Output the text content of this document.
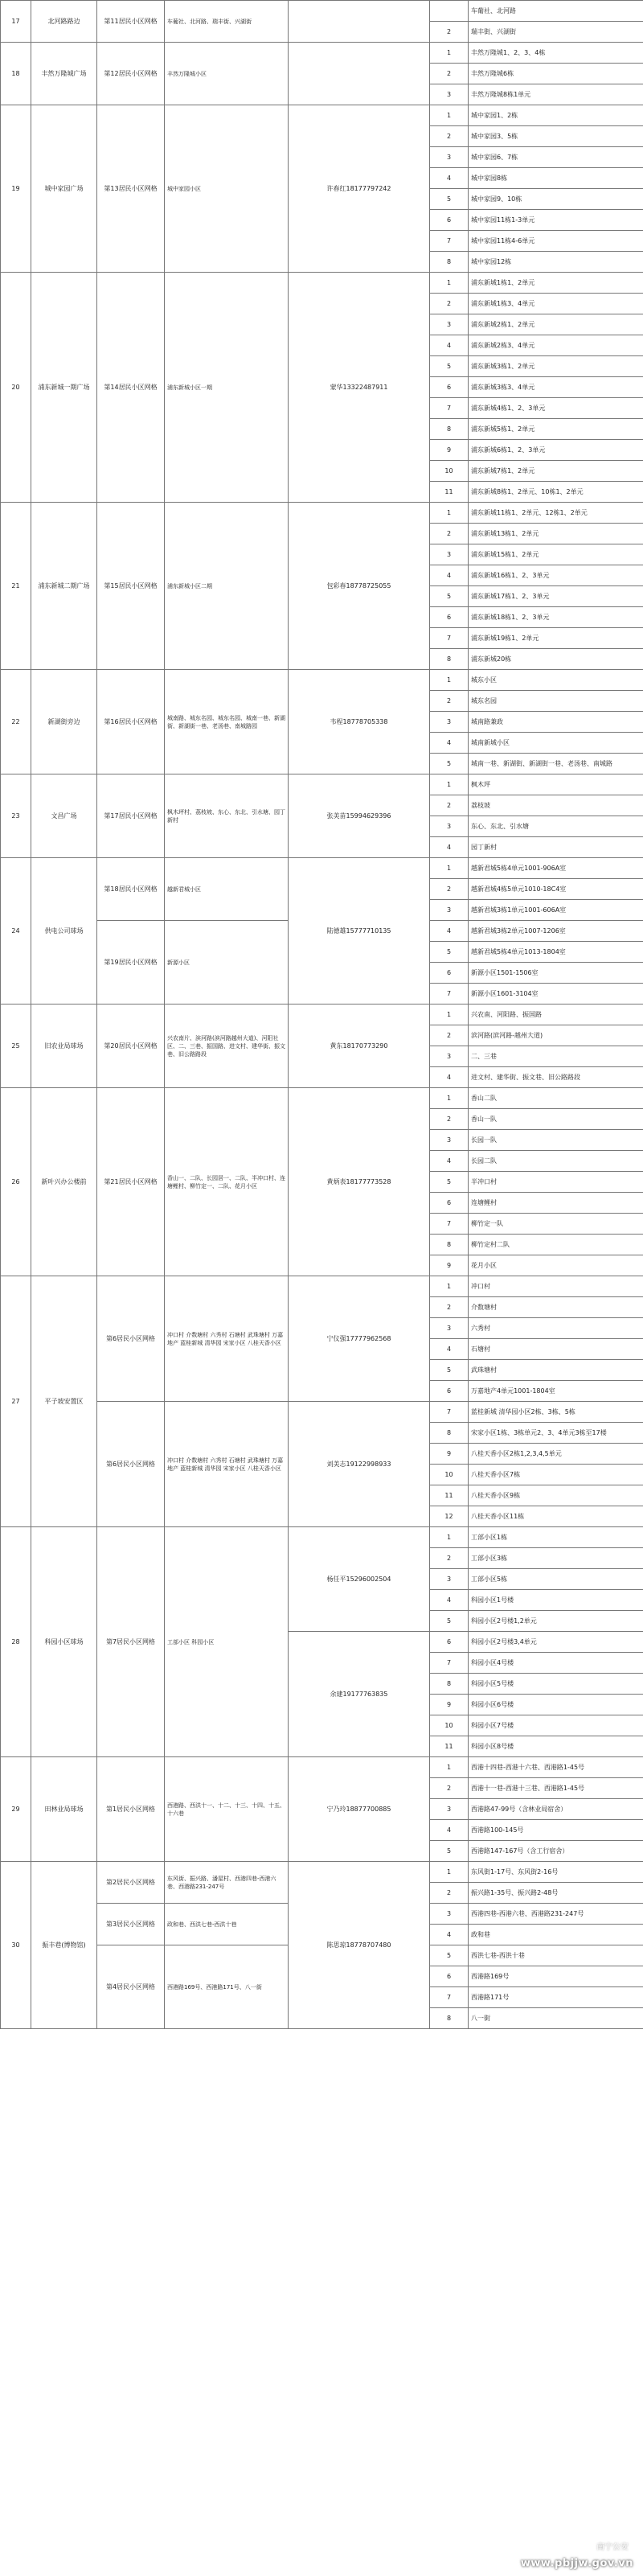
17	北河路路边	第11居民小区网格	车葡社、北河路、瑞丰街、兴湖街			车葡社、北河路
					2	瑞丰街、兴湖街
18	丰然万隆城广场	第12居民小区网格	丰然万隆城小区		1	丰然万隆城1、2、3、4栋
					2	丰然万隆城6栋
					3	丰然万隆城8栋1单元
19	城中家园广场	第13居民小区网格	城中家园小区	许春红18177797242	1	城中家园1、2栋
					2	城中家园3、5栋
					3	城中家园6、7栋
					4	城中家园8栋
					5	城中家园9、10栋
					6	城中家园11栋1-3单元
					7	城中家园11栋4-6单元
					8	城中家园12栋
20	浦东新城一期广场	第14居民小区网格	浦东新城小区一期	蒙华13322487911	1	浦东新城1栋1、2单元
					2	浦东新城1栋3、4单元
					3	浦东新城2栋1、2单元
					4	浦东新城2栋3、4单元
					5	浦东新城3栋1、2单元
					6	浦东新城3栋3、4单元
					7	浦东新城4栋1、2、3单元
					8	浦东新城5栋1、2单元
					9	浦东新城6栋1、2、3单元
					10	浦东新城7栋1、2单元
					11	浦东新城8栋1、2单元、10栋1、2单元
21	浦东新城二期广场	第15居民小区网格	浦东新城小区二期	包彩春18778725055	1	浦东新城11栋1、2单元、12栋1、2单元
					2	浦东新城13栋1、2单元
					3	浦东新城15栋1、2单元
					4	浦东新城16栋1、2、3单元
					5	浦东新城17栋1、2、3单元
					6	浦东新城18栋1、2、3单元
					7	浦东新城19栋1、2单元
					8	浦东新城20栋
22	新湖街旁边	第16居民小区网格	城南路、城东名园、城东名园、城南一巷、新湖街、新湖街一巷、老汤巷、南城路园	韦程18778705338	1	城东小区
					2	城东名园
					3	城南路兼政
					4	城南新城小区
					5	城南一巷、新湖街、新湖街一巷、老汤巷、南城路
23	文昌广场	第17居民小区网格	枫木坪村、荔枝坡、东心、东北、引水塘、园丁新村	张美苗15994629396	1	枫木坪
					2	荔枝坡
					3	东心、东北、引水塘
					4	园丁新村
24	供电公司球场	第18居民小区网格	越新君城小区	陆德雄15777710135	1	越新君城5栋4单元1001-906A室
					2	越新君城4栋5单元1010-18C4室
					3	越新君城3栋1单元1001-606A室
		第19居民小区网格	新源小区		4	越新君城3栋2单元1007-1206室
					5	越新君城5栋4单元1013-1804室
					6	新源小区1501-1506室
					7	新源小区1601-3104室
25	旧农业局球场	第20居民小区网格	兴农南片、滨河路(滨河路越州大道)、河阳社区、二、三巷、振国路、进文村、建华街、振文巷、旧公路路段	黄东18170773290	1	兴农南、河阳路、振国路
					2	滨河路(滨河路-越州大道)
					3	二、三巷
					4	进文村、建华街、振文巷、旧公路路段
26	新叶兴办公楼前	第21居民小区网格	香山一、二队、长园居一、二队、半冲口村、连塘鲤村、柳竹定一、二队、花月小区	黄炳表18177773528	1	香山二队
					2	香山一队
					3	长园一队
					4	长园二队
					5	半冲口村
					6	连塘鲤村
					7	柳竹定一队
					8	柳竹定村二队
					9	花月小区
27	平子坡安置区	第6居民小区网格	冲口村 介数塘村 六秀村 石塘村 武珠塘村 万嘉地产 蓝桂新城 清华园 宋家小区 八桂天香小区	宁仪强17777962568	1	冲口村
					2	介数塘村
					3	六秀村
					4	石塘村
					5	武珠塘村
					6	万嘉地产4单元1001-1804室
		第6居民小区网格	冲口村 介数塘村 六秀村 石塘村 武珠塘村 万嘉地产 蓝桂新城 清华园 宋家小区 八桂天香小区	刘美志19122998933	7	蓝桂新城 清华园小区2栋、3栋、5栋
					8	宋家小区1栋、3栋单元2、3、4单元3栋至17楼
					9	八桂天香小区2栋1,2,3,4,5单元
					10	八桂天香小区7栋
					11	八桂天香小区9栋
					12	八桂天香小区11栋
28	科园小区球场	第7居民小区网格	工部小区 科园小区	杨任平15296002504	1	工部小区1栋
					2	工部小区3栋
					3	工部小区5栋
					4	科园小区1号楼
					5	科园小区2号楼1,2单元
				余建19177763835	6	科园小区2号楼3,4单元
					7	科园小区4号楼
					8	科园小区5号楼
					9	科园小区6号楼
					10	科园小区7号楼
					11	科园小区8号楼
29	田林业局球场	第1居民小区网格	西港路、西洪十一、十二、十三、十四、十五、十六巷	宁乃玲18877700885	1	西港十四巷-西港十六巷、西港路1-45号
					2	西港十一巷-西港十三巷、西港路1-45号
					3	西港路47-99号（含林业局宿舍）
					4	西港路100-145号
					5	西港路147-167号（含工行宿舍）
30	振丰巷(博物馆)	第2居民小区网格	东风街、振兴路、潘屋村、西港四巷-西港六巷、西港路231-247号	陈思琼18778707480	1	东风街1-17号、东风街2-16号
					2	振兴路1-35号、振兴路2-48号
		第3居民小区网格	政和巷、西洪七巷-西洪十巷		3	西港四巷-西港六巷、西港路231-247号
					4	政和巷
		第4居民小区网格	西港路169号、西港路171号、八一街		5	西洪七巷-西洪十巷
					6	西港路169号
					7	西港路171号
					8	八一街
南宁公安
www.pbjjw.gov.vn
